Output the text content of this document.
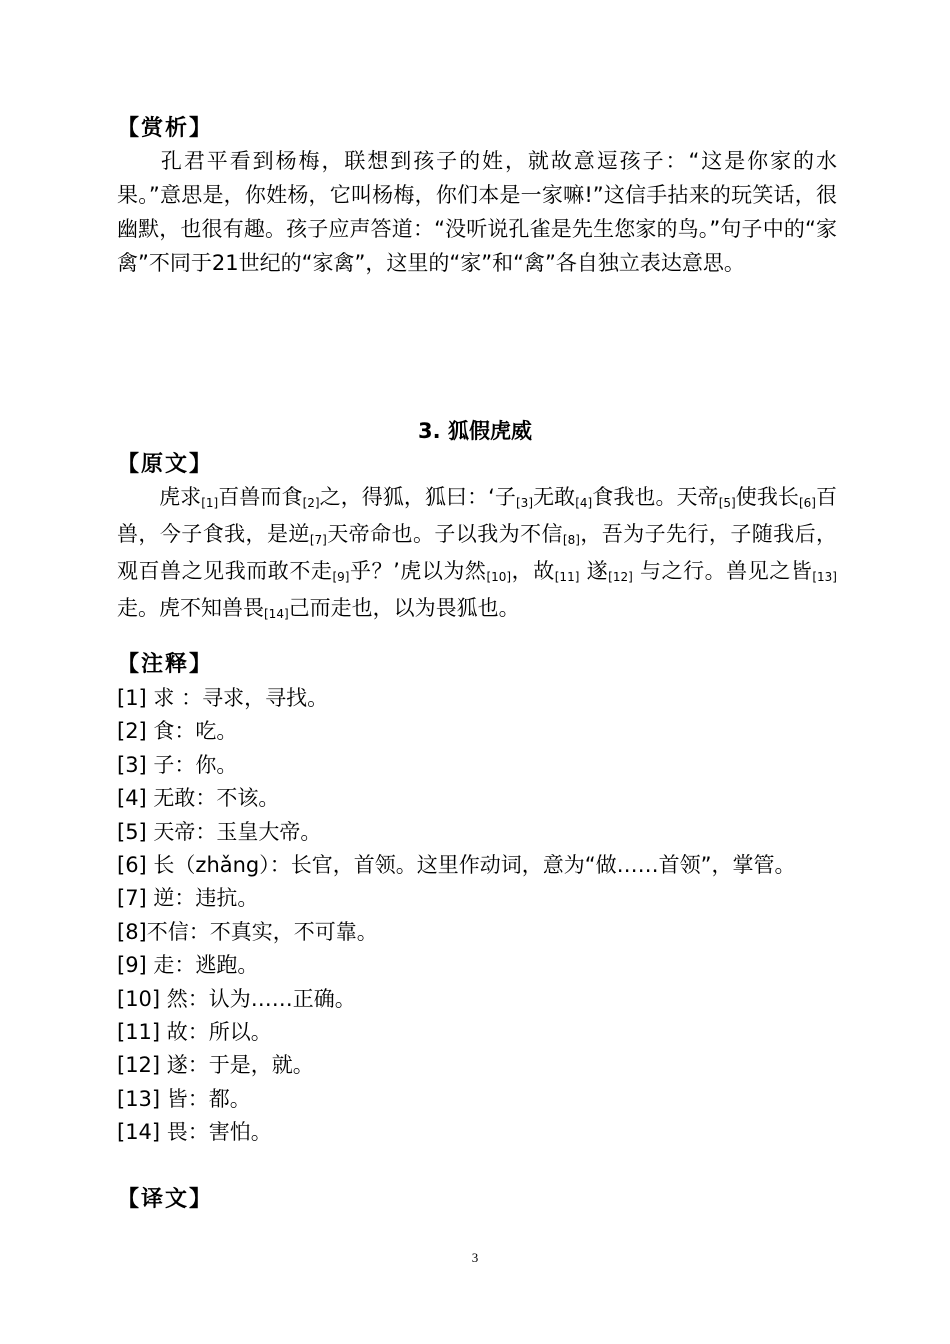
【赏析】
孔君平看到杨梅，联想到孩子的姓，就故意逗孩子：“这是你家的水果。”意思是，你姓杨，它叫杨梅，你们本是一家嘛!”这信手拈来的玩笑话，很幽默，也很有趣。孩子应声答道：“没听说孔雀是先生您家的鸟。”句子中的“家禽”不同于21世纪的“家禽”，这里的“家”和“禽”各自独立表达意思。
3. 狐假虎威
【原文】
虎求[1]百兽而食[2]之，得狐，狐曰：‘子[3]无敢[4]食我也。天帝[5]使我长[6]百兽，今子食我，是逆[7]天帝命也。子以我为不信[8]，吾为子先行，子随我后，观百兽之见我而敢不走[9]乎？’虎以为然[10]，故[11] 遂[12] 与之行。兽见之皆[13]走。虎不知兽畏[14]己而走也，以为畏狐也。
【注释】
[1] 求 ：寻求，寻找。
[2] 食：吃。
[3] 子：你。
[4] 无敢：不该。
[5] 天帝：玉皇大帝。
[6] 长（zhǎng）：长官，首领。这里作动词，意为“做……首领”，掌管。
[7] 逆：违抗。
[8]不信：不真实，不可靠。
[9] 走：逃跑。
[10] 然：认为……正确。
[11] 故：所以。
[12] 遂：于是，就。
[13] 皆：都。
[14] 畏：害怕。
【译文】
3
